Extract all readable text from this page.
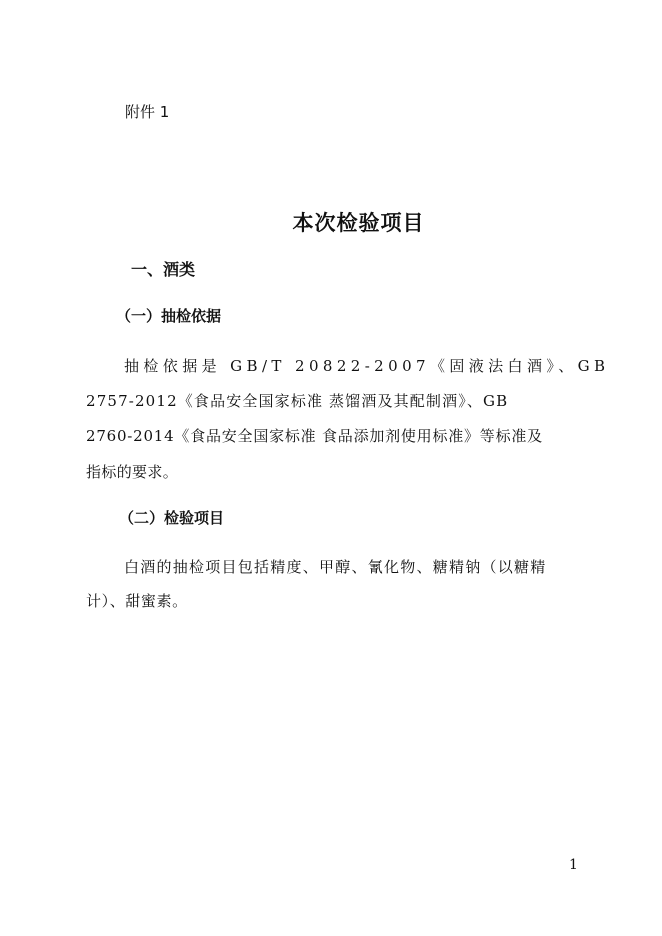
附件 1
本次检验项目
一、酒类
（一）抽检依据

抽检依据是 GB/T 20822-2007《固液法白酒》、GB

2757-2012《食品安全国家标准 蒸馏酒及其配制酒》、GB

2760-2014《食品安全国家标准 食品添加剂使用标准》等标准及

指标的要求。

（二）检验项目

白酒的抽检项目包括精度、甲醇、氰化物、糖精钠（以糖精

计）、甜蜜素。

1
